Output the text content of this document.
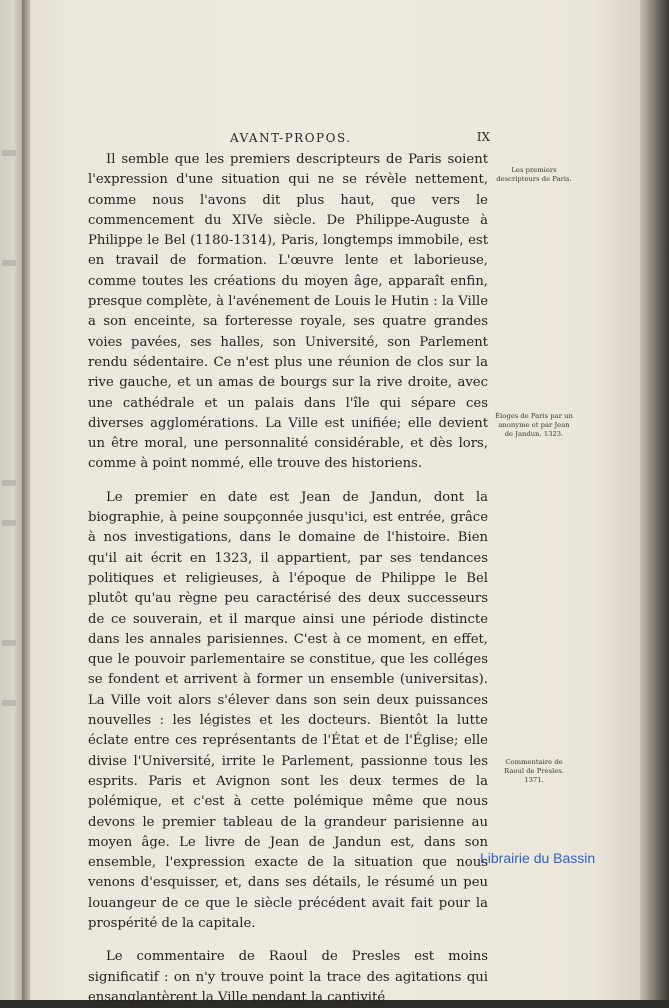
AVANT-PROPOS.	IX

Il semble que les premiers descripteurs de Paris soient l'expression d'une situation qui ne se révèle nettement, comme nous l'avons dit plus haut, que vers le commencement du XIVe siècle. De Philippe-Auguste à Philippe le Bel (1180-1314), Paris, longtemps immobile, est en travail de formation. L'œuvre lente et laborieuse, comme toutes les créations du moyen âge, apparaît enfin, presque complète, à l'avénement de Louis le Hutin : la Ville a son enceinte, sa forteresse royale, ses quatre grandes voies pavées, ses halles, son Université, son Parlement rendu sédentaire. Ce n'est plus une réunion de clos sur la rive gauche, et un amas de bourgs sur la rive droite, avec une cathédrale et un palais dans l'île qui sépare ces diverses agglomérations. La Ville est unifiée; elle devient un être moral, une personnalité considérable, et dès lors, comme à point nommé, elle trouve des historiens.

Le premier en date est Jean de Jandun, dont la biographie, à peine soupçonnée jusqu'ici, est entrée, grâce à nos investigations, dans le domaine de l'histoire. Bien qu'il ait écrit en 1323, il appartient, par ses tendances politiques et religieuses, à l'époque de Philippe le Bel plutôt qu'au règne peu caractérisé des deux successeurs de ce souverain, et il marque ainsi une période distincte dans les annales parisiennes. C'est à ce moment, en effet, que le pouvoir parlementaire se constitue, que les colléges se fondent et arrivent à former un ensemble (universitas). La Ville voit alors s'élever dans son sein deux puissances nouvelles : les légistes et les docteurs. Bientôt la lutte éclate entre ces représentants de l'État et de l'Église; elle divise l'Université, irrite le Parlement, passionne tous les esprits. Paris et Avignon sont les deux termes de la polémique, et c'est à cette polémique même que nous devons le premier tableau de la grandeur parisienne au moyen âge. Le livre de Jean de Jandun est, dans son ensemble, l'expression exacte de la situation que nous venons d'esquisser, et, dans ses détails, le résumé un peu louangeur de ce que le siècle précédent avait fait pour la prospérité de la capitale.

Le commentaire de Raoul de Presles est moins significatif : on n'y trouve point la trace des agitations qui ensanglantèrent la Ville pendant la captivité

Les premiers descripteurs de Paris.
Éloges de Paris par un anonyme et par Jean de Jandun. 1323.
Commentaire de Raoul de Presles. 1371.
Librairie du Bassin
